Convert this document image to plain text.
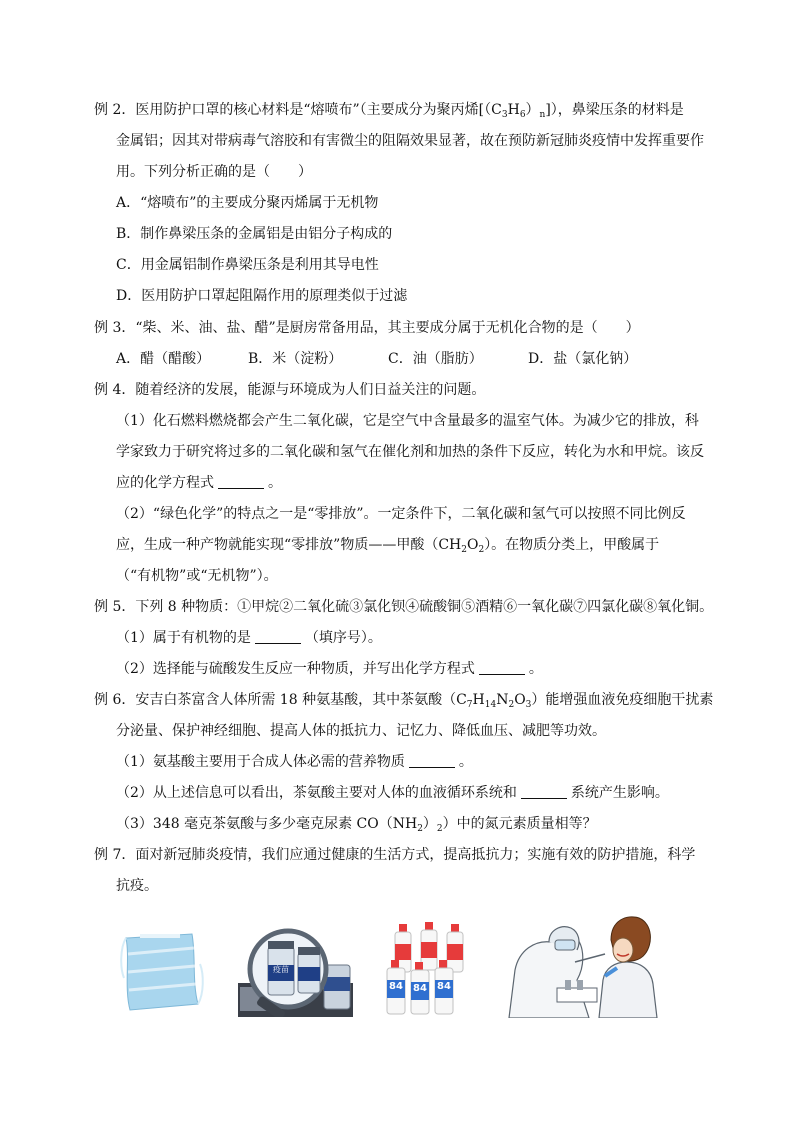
例 2．医用防护口罩的核心材料是“熔喷布”（主要成分为聚丙烯$[(C_3H_6)_n]$），鼻梁压条的材料是
金属铝；因其对带病毒气溶胶和有害微尘的阻隔效果显著，故在预防新冠肺炎疫情中发挥重要作
用。下列分析正确的是（　　）
A．“熔喷布”的主要成分聚丙烯属于无机物
B．制作鼻梁压条的金属铝是由铝分子构成的
C．用金属铝制作鼻梁压条是利用其导电性
D．医用防护口罩起阻隔作用的原理类似于过滤
例 3．“柴、米、油、盐、醋”是厨房常备用品，其主要成分属于无机化合物的是（　　）
A．醋（醋酸）	B．米（淀粉）	C．油（脂肪）	D．盐（氯化钠）
例 4．随着经济的发展，能源与环境成为人们日益关注的问题。
（1）化石燃料燃烧都会产生二氧化碳，它是空气中含量最多的温室气体。为减少它的排放，科
学家致力于研究将过多的二氧化碳和氢气在催化剂和加热的条件下反应，转化为水和甲烷。该反
应的化学方程式	。
（2）“绿色化学”的特点之一是“零排放”。一定条件下，二氧化碳和氢气可以按照不同比例反
应，生成一种产物就能实现“零排放”物质——甲酸$(CH_2O_2)$。在物质分类上，甲酸属于
（“有机物”或“无机物”）。
例 5．下列 8 种物质：①甲烷②二氧化硫③氯化钡④硫酸铜⑤酒精⑥一氧化碳⑦四氯化碳⑧氧化铜。
（1）属于有机物的是	（填序号）。
（2）选择能与硫酸发生反应一种物质，并写出化学方程式	。
例 6．安吉白茶富含人体所需 18 种氨基酸，其中茶氨酸$(C_7H_{14}N_2O_3)$能增强血液免疫细胞干扰素
分泌量、保护神经细胞、提高人体的抵抗力、记忆力、降低血压、减肥等功效。
（1）氨基酸主要用于合成人体必需的营养物质	。
（2）从上述信息可以看出，茶氨酸主要对人体的血液循环系统和	系统产生影响。
（3）348 毫克茶氨酸与多少毫克尿素 $CO(NH_2)_2$）中的氮元素质量相等？
例 7．面对新冠肺炎疫情，我们应通过健康的生活方式，提高抵抗力；实施有效的防护措施，科学
抗疫。
疫苗
84 84 84
